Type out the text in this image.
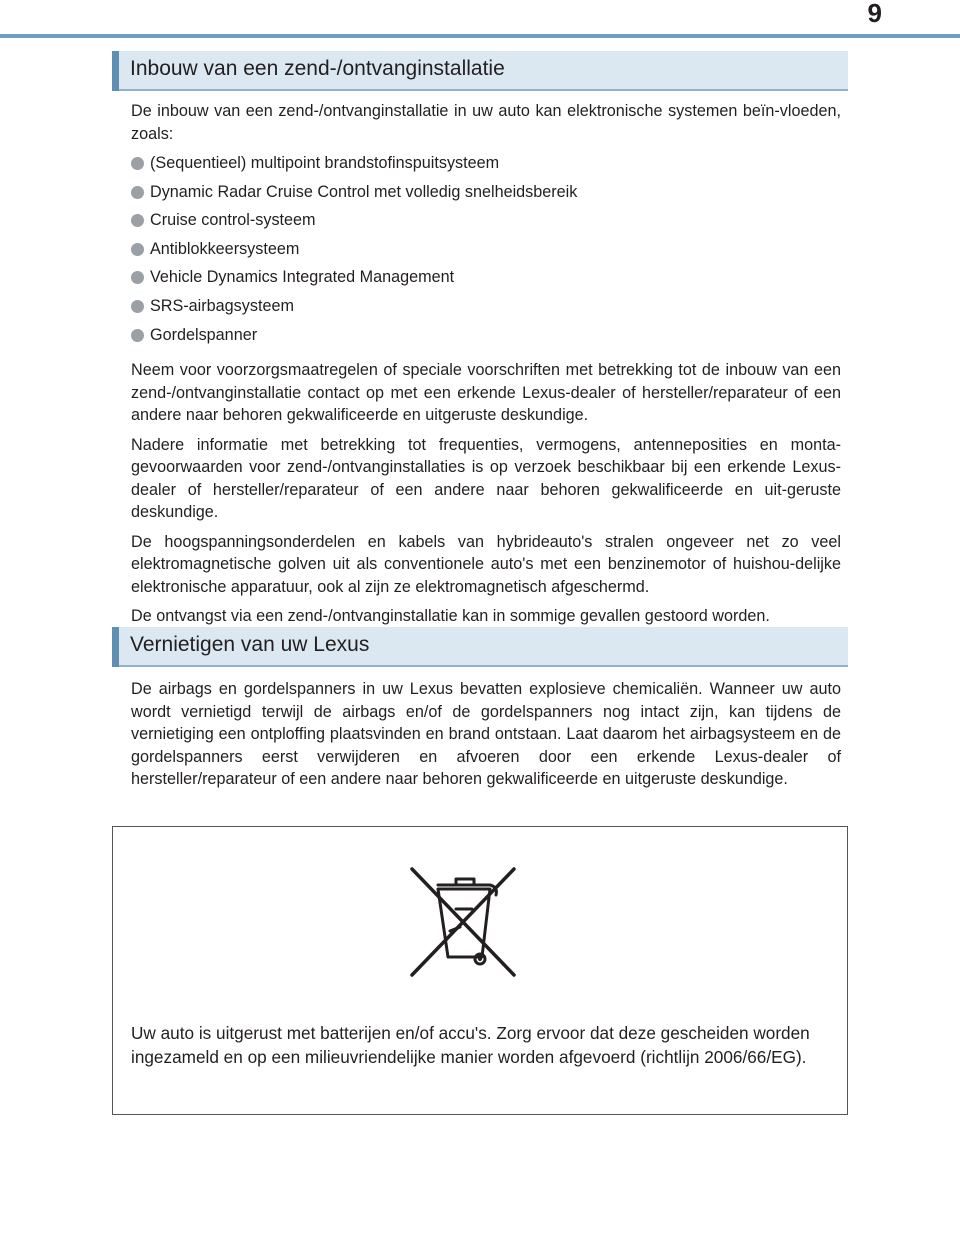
9
Inbouw van een zend-/ontvanginstallatie

De inbouw van een zend-/ontvanginstallatie in uw auto kan elektronische systemen beïn-vloeden, zoals:

(Sequentieel) multipoint brandstofinspuitsysteem
Dynamic Radar Cruise Control met volledig snelheidsbereik
Cruise control-systeem
Antiblokkeersysteem
Vehicle Dynamics Integrated Management
SRS-airbagsysteem
Gordelspanner

Neem voor voorzorgsmaatregelen of speciale voorschriften met betrekking tot de inbouw van een zend-/ontvanginstallatie contact op met een erkende Lexus-dealer of hersteller/reparateur of een andere naar behoren gekwalificeerde en uitgeruste deskundige.

Nadere informatie met betrekking tot frequenties, vermogens, antenneposities en monta-gevoorwaarden voor zend-/ontvanginstallaties is op verzoek beschikbaar bij een erkende Lexus-dealer of hersteller/reparateur of een andere naar behoren gekwalificeerde en uit-geruste deskundige.

De hoogspanningsonderdelen en kabels van hybrideauto's stralen ongeveer net zo veel elektromagnetische golven uit als conventionele auto's met een benzinemotor of huishou-delijke elektronische apparatuur, ook al zijn ze elektromagnetisch afgeschermd.

De ontvangst via een zend-/ontvanginstallatie kan in sommige gevallen gestoord worden.

Vernietigen van uw Lexus

De airbags en gordelspanners in uw Lexus bevatten explosieve chemicaliën. Wanneer uw auto wordt vernietigd terwijl de airbags en/of de gordelspanners nog intact zijn, kan tijdens de vernietiging een ontploffing plaatsvinden en brand ontstaan. Laat daarom het airbagsysteem en de gordelspanners eerst verwijderen en afvoeren door een erkende Lexus-dealer of hersteller/reparateur of een andere naar behoren gekwalificeerde en uitgeruste deskundige.

Uw auto is uitgerust met batterijen en/of accu's. Zorg ervoor dat deze gescheiden worden ingezameld en op een milieuvriendelijke manier worden afgevoerd (richtlijn 2006/66/EG).
